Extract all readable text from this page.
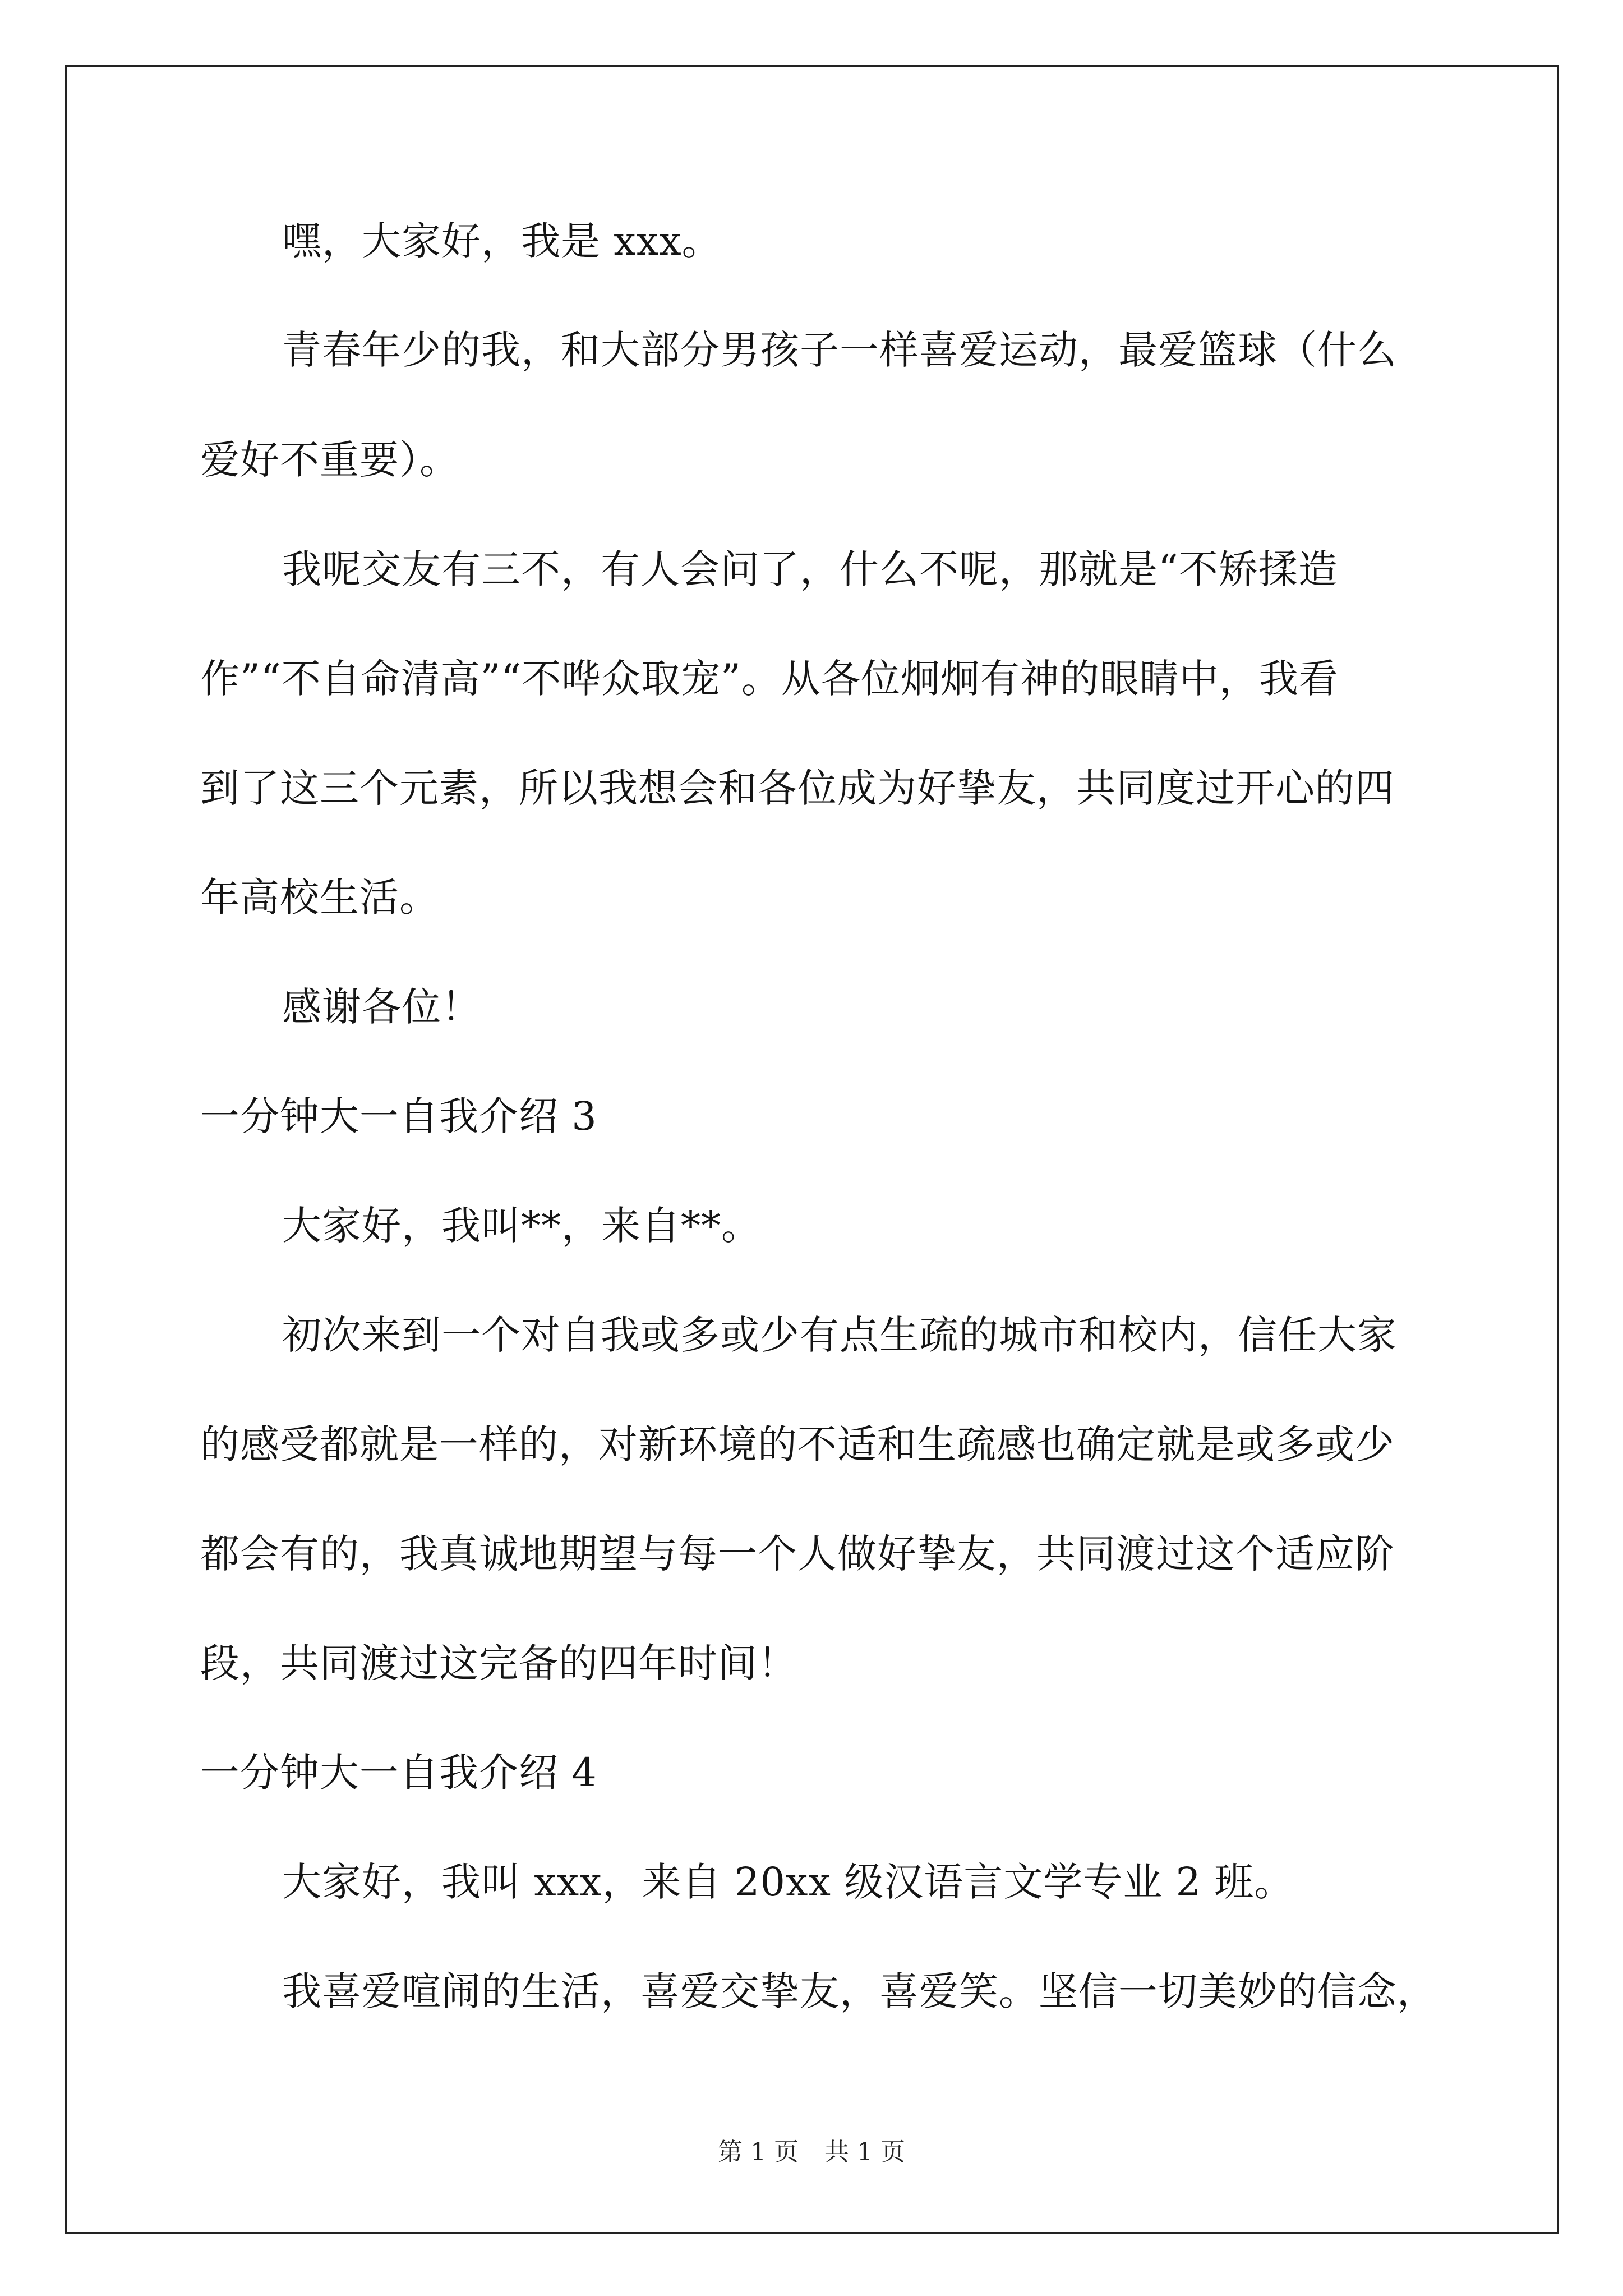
嘿，大家好，我是 xxx。

青春年少的我，和大部分男孩子一样喜爱运动，最爱篮球（什么

爱好不重要）。

我呢交友有三不，有人会问了，什么不呢，那就是“不矫揉造

作”“不自命清高”“不哗众取宠”。从各位炯炯有神的眼睛中，我看

到了这三个元素，所以我想会和各位成为好挚友，共同度过开心的四

年高校生活。

感谢各位！

一分钟大一自我介绍 3

大家好，我叫**，来自**。

初次来到一个对自我或多或少有点生疏的城市和校内，信任大家

的感受都就是一样的，对新环境的不适和生疏感也确定就是或多或少

都会有的，我真诚地期望与每一个人做好挚友，共同渡过这个适应阶

段，共同渡过这完备的四年时间！

一分钟大一自我介绍 4

大家好，我叫 xxx，来自 20xx 级汉语言文学专业 2 班。

我喜爱喧闹的生活，喜爱交挚友，喜爱笑。坚信一切美妙的信念，

第 1 页 共 1 页
